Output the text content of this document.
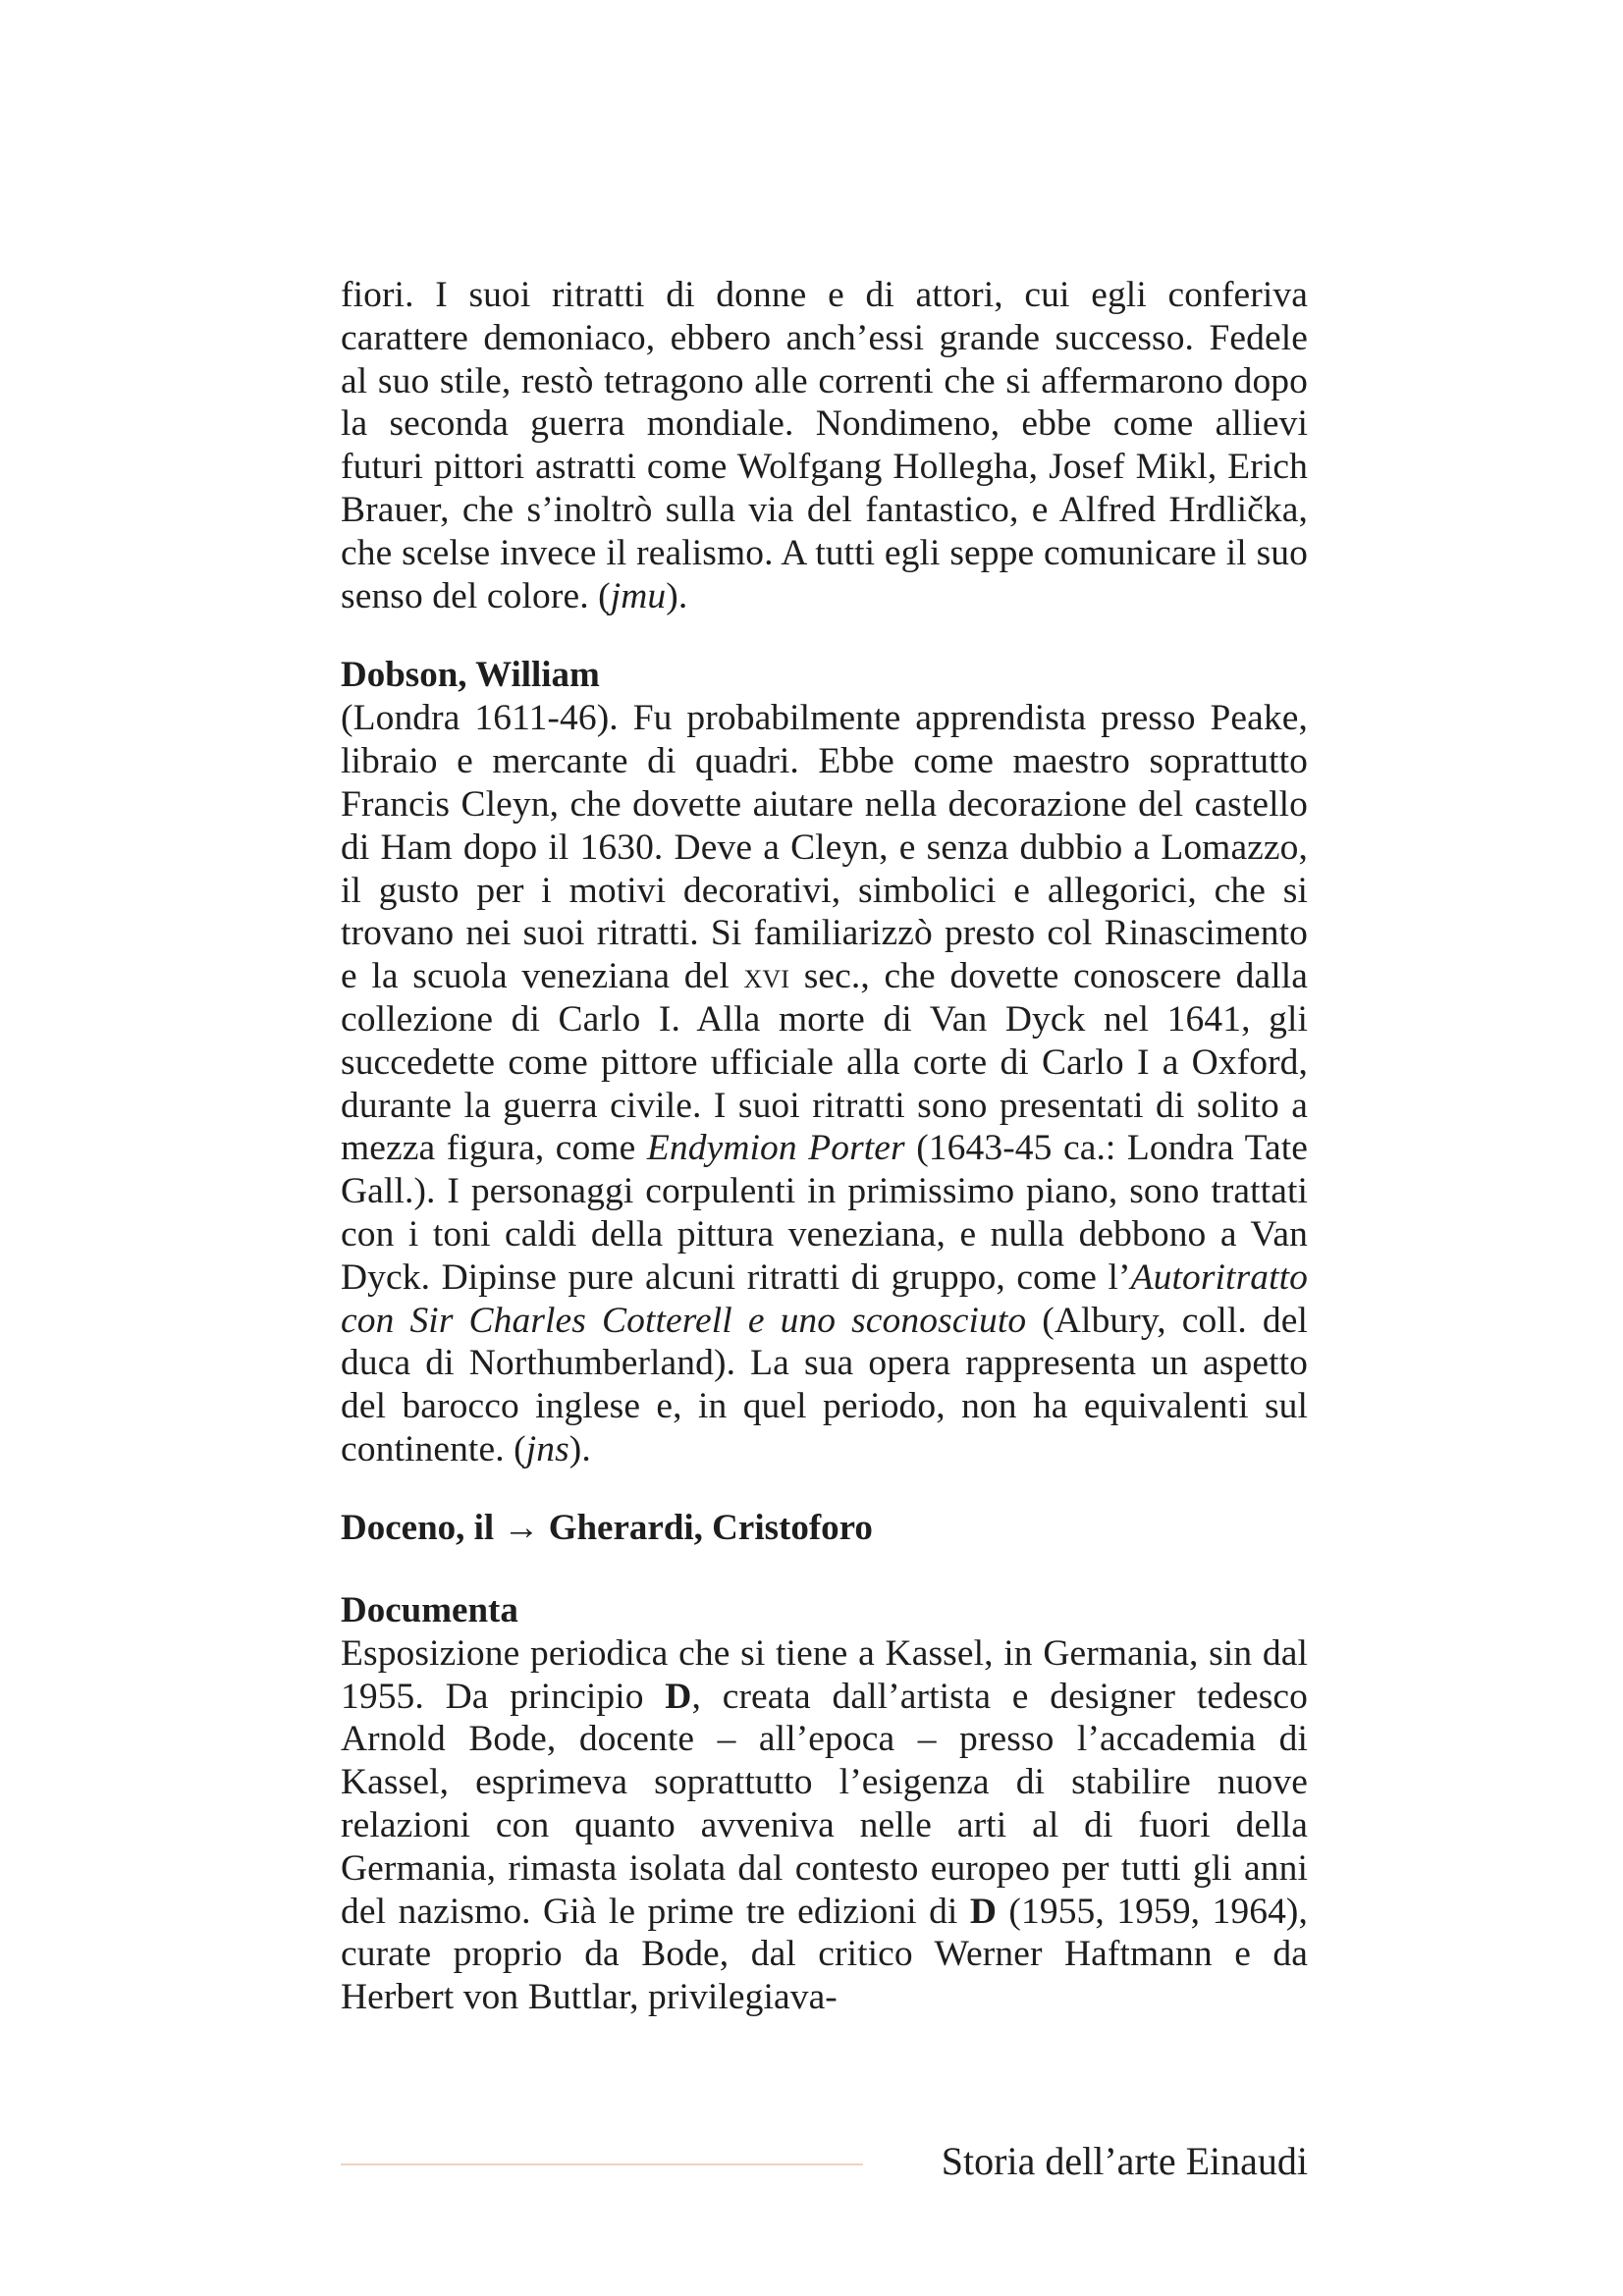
fiori. I suoi ritratti di donne e di attori, cui egli conferiva carattere demoniaco, ebbero anch’essi grande successo. Fedele al suo stile, restò tetragono alle correnti che si affermarono dopo la seconda guerra mondiale. Nondimeno, ebbe come allievi futuri pittori astratti come Wolfgang Hollegha, Josef Mikl, Erich Brauer, che s’inoltrò sulla via del fantastico, e Alfred Hrdlička, che scelse invece il realismo. A tutti egli seppe comunicare il suo senso del colore. (jmu).

Dobson, William

(Londra 1611-46). Fu probabilmente apprendista presso Peake, libraio e mercante di quadri. Ebbe come maestro soprattutto Francis Cleyn, che dovette aiutare nella decorazione del castello di Ham dopo il 1630. Deve a Cleyn, e senza dubbio a Lomazzo, il gusto per i motivi decorativi, simbolici e allegorici, che si trovano nei suoi ritratti. Si familiarizzò presto col Rinascimento e la scuola veneziana del xvi sec., che dovette conoscere dalla collezione di Carlo I. Alla morte di Van Dyck nel 1641, gli succedette come pittore ufficiale alla corte di Carlo I a Oxford, durante la guerra civile. I suoi ritratti sono presentati di solito a mezza figura, come Endymion Porter (1643-45 ca.: Londra Tate Gall.). I personaggi corpulenti in primissimo piano, sono trattati con i toni caldi della pittura veneziana, e nulla debbono a Van Dyck. Dipinse pure alcuni ritratti di gruppo, come l’Autoritratto con Sir Charles Cotterell e uno sconosciuto (Albury, coll. del duca di Northumberland). La sua opera rappresenta un aspetto del barocco inglese e, in quel periodo, non ha equivalenti sul continente. (jns).

Doceno, il → Gherardi, Cristoforo
Documenta

Esposizione periodica che si tiene a Kassel, in Germania, sin dal 1955. Da principio D, creata dall’artista e designer tedesco Arnold Bode, docente – all’epoca – presso l’accademia di Kassel, esprimeva soprattutto l’esigenza di stabilire nuove relazioni con quanto avveniva nelle arti al di fuori della Germania, rimasta isolata dal contesto europeo per tutti gli anni del nazismo. Già le prime tre edizioni di D (1955, 1959, 1964), curate proprio da Bode, dal critico Werner Haftmann e da Herbert von Buttlar, privilegiava-

Storia dell’arte Einaudi
